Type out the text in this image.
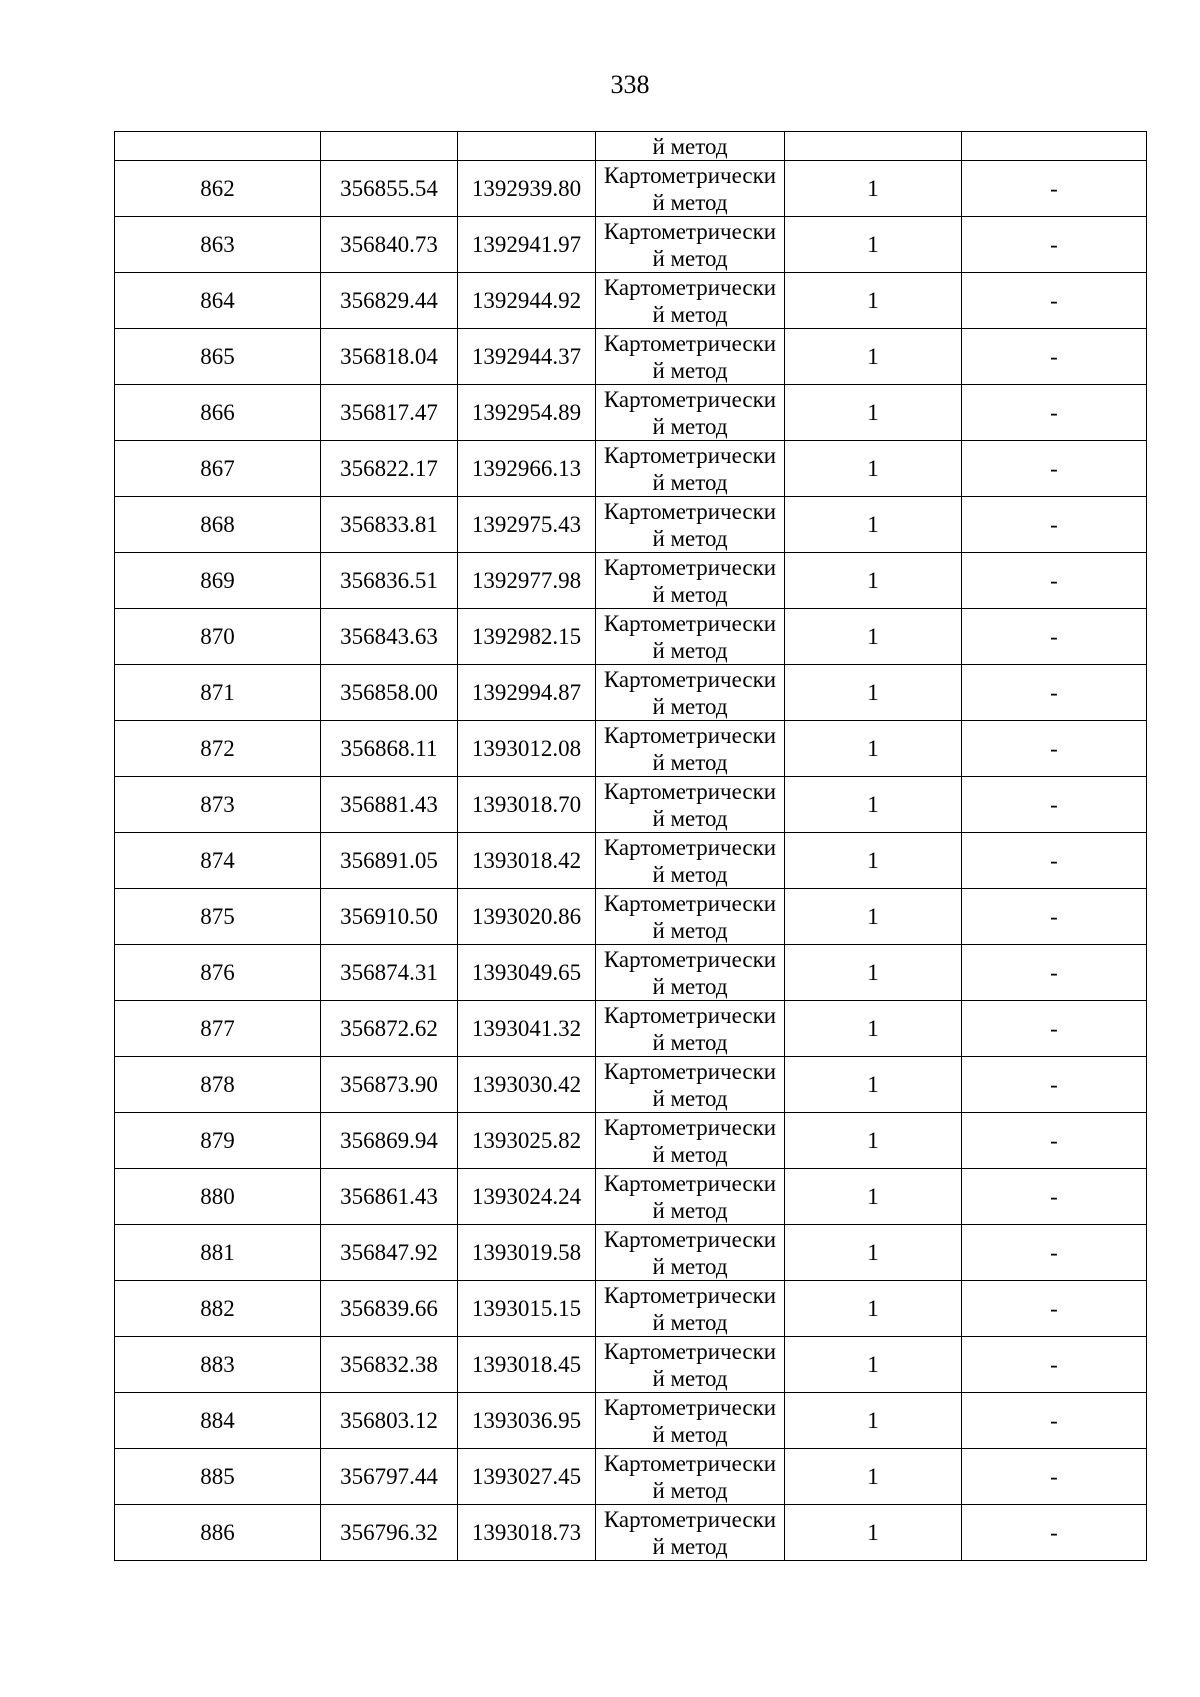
338
			й метод		
862	356855.54	1392939.80	Картометрически
й метод	1	-
863	356840.73	1392941.97	Картометрически
й метод	1	-
864	356829.44	1392944.92	Картометрически
й метод	1	-
865	356818.04	1392944.37	Картометрически
й метод	1	-
866	356817.47	1392954.89	Картометрически
й метод	1	-
867	356822.17	1392966.13	Картометрически
й метод	1	-
868	356833.81	1392975.43	Картометрически
й метод	1	-
869	356836.51	1392977.98	Картометрически
й метод	1	-
870	356843.63	1392982.15	Картометрически
й метод	1	-
871	356858.00	1392994.87	Картометрически
й метод	1	-
872	356868.11	1393012.08	Картометрически
й метод	1	-
873	356881.43	1393018.70	Картометрически
й метод	1	-
874	356891.05	1393018.42	Картометрически
й метод	1	-
875	356910.50	1393020.86	Картометрически
й метод	1	-
876	356874.31	1393049.65	Картометрически
й метод	1	-
877	356872.62	1393041.32	Картометрически
й метод	1	-
878	356873.90	1393030.42	Картометрически
й метод	1	-
879	356869.94	1393025.82	Картометрически
й метод	1	-
880	356861.43	1393024.24	Картометрически
й метод	1	-
881	356847.92	1393019.58	Картометрически
й метод	1	-
882	356839.66	1393015.15	Картометрически
й метод	1	-
883	356832.38	1393018.45	Картометрически
й метод	1	-
884	356803.12	1393036.95	Картометрически
й метод	1	-
885	356797.44	1393027.45	Картометрически
й метод	1	-
886	356796.32	1393018.73	Картометрически
й метод	1	-
